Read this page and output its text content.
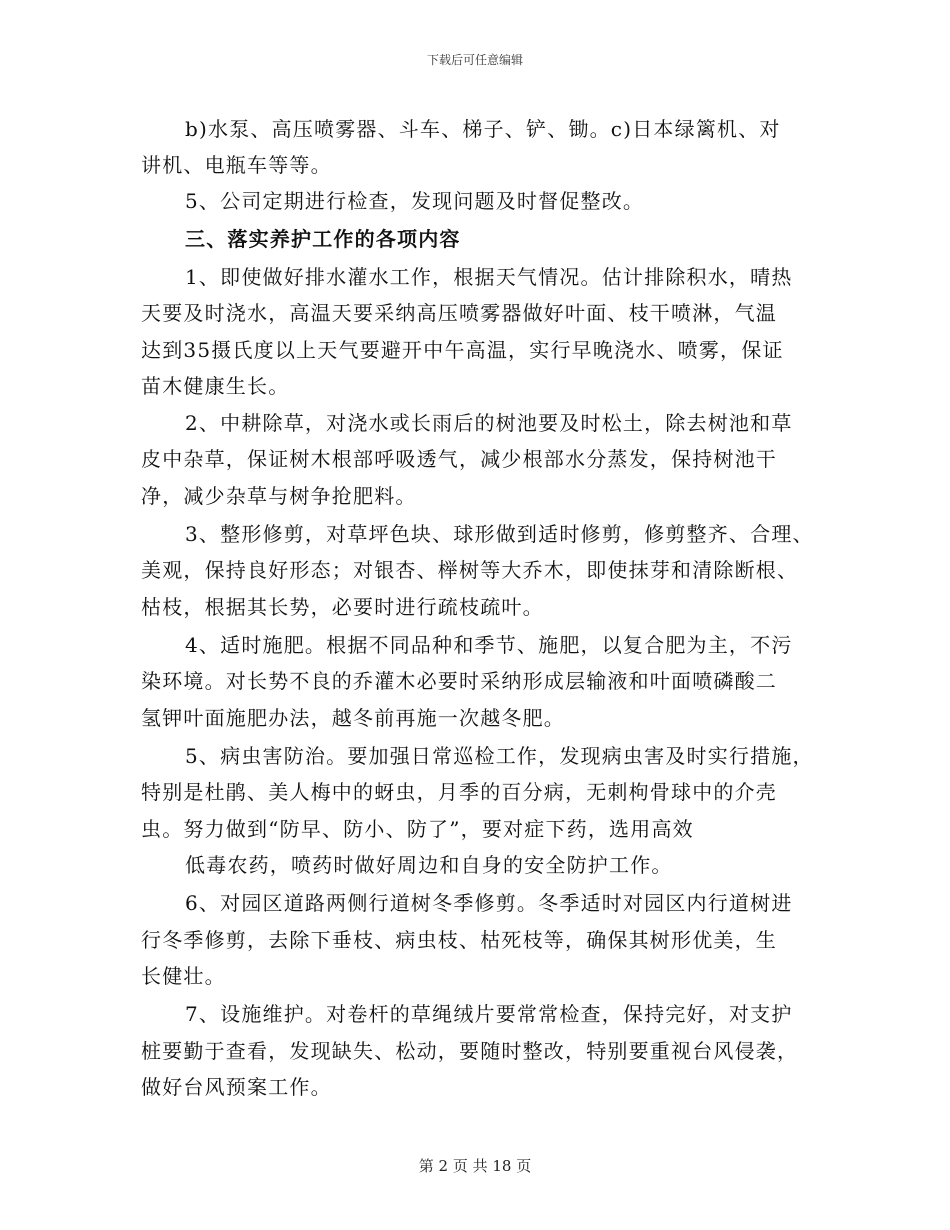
下载后可任意编辑
b)水泵、高压喷雾器、斗车、梯子、铲、锄。c)日本绿篱机、对
讲机、电瓶车等等。
5、公司定期进行检查，发现问题及时督促整改。
三、落实养护工作的各项内容
1、即使做好排水灌水工作，根据天气情况。估计排除积水，晴热
天要及时浇水，高温天要采纳高压喷雾器做好叶面、枝干喷淋，气温
达到35摄氏度以上天气要避开中午高温，实行早晚浇水、喷雾，保证
苗木健康生长。
2、中耕除草，对浇水或长雨后的树池要及时松土，除去树池和草
皮中杂草，保证树木根部呼吸透气，减少根部水分蒸发，保持树池干
净，减少杂草与树争抢肥料。
3、整形修剪，对草坪色块、球形做到适时修剪，修剪整齐、合理、
美观，保持良好形态；对银杏、榉树等大乔木，即使抹芽和清除断根、
枯枝，根据其长势，必要时进行疏枝疏叶。
4、适时施肥。根据不同品种和季节、施肥，以复合肥为主，不污
染环境。对长势不良的乔灌木必要时采纳形成层输液和叶面喷磷酸二
氢钾叶面施肥办法，越冬前再施一次越冬肥。
5、病虫害防治。要加强日常巡检工作，发现病虫害及时实行措施，
特别是杜鹃、美人梅中的蚜虫，月季的百分病，无刺枸骨球中的介壳
虫。努力做到“防早、防小、防了”，要对症下药，选用高效
低毒农药，喷药时做好周边和自身的安全防护工作。
6、对园区道路两侧行道树冬季修剪。冬季适时对园区内行道树进
行冬季修剪，去除下垂枝、病虫枝、枯死枝等，确保其树形优美，生
长健壮。
7、设施维护。对卷杆的草绳绒片要常常检查，保持完好，对支护
桩要勤于查看，发现缺失、松动，要随时整改，特别要重视台风侵袭，
做好台风预案工作。
第 2 页 共 18 页
